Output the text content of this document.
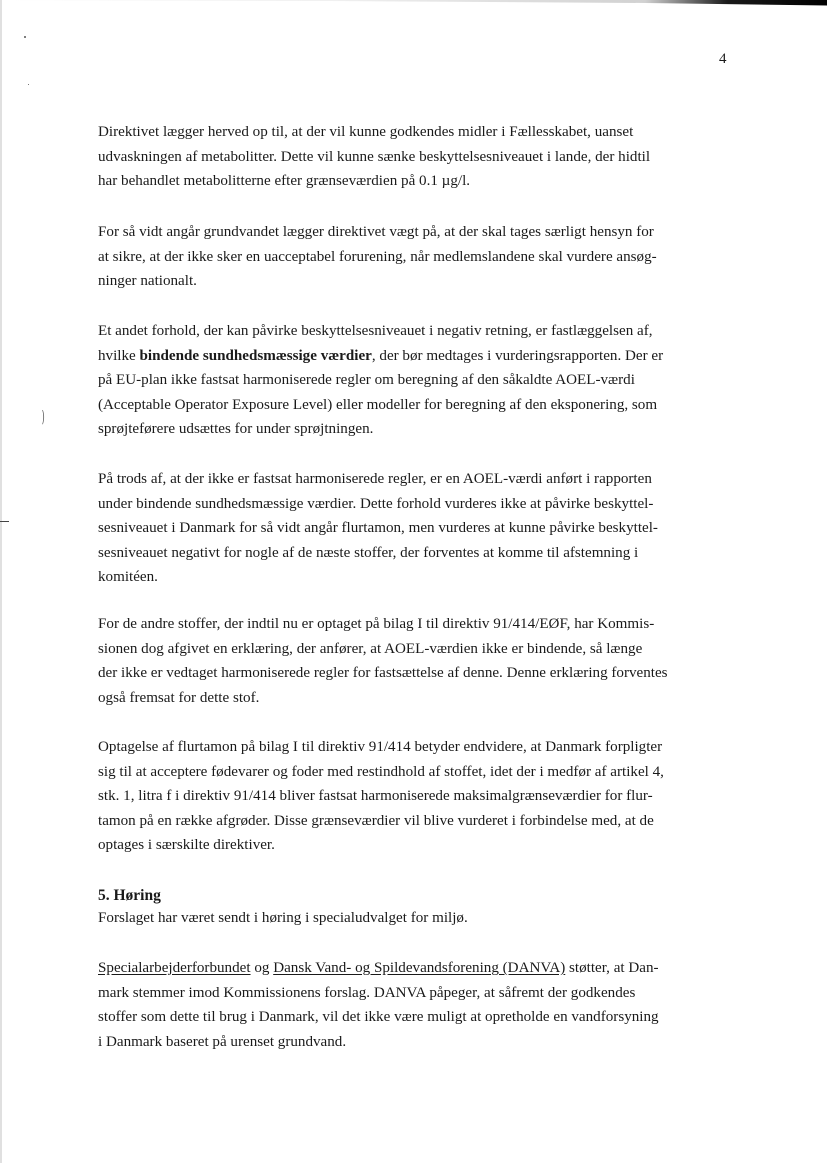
)
4

Direktivet lægger herved op til, at der vil kunne godkendes midler i Fællesskabet, uanset
udvaskningen af metabolitter. Dette vil kunne sænke beskyttelsesniveauet i lande, der hidtil
har behandlet metabolitterne efter grænseværdien på 0.1 µg/l.

For så vidt angår grundvandet lægger direktivet vægt på, at der skal tages særligt hensyn for
at sikre, at der ikke sker en uacceptabel forurening, når medlemslandene skal vurdere ansøg-
ninger nationalt.

Et andet forhold, der kan påvirke beskyttelsesniveauet i negativ retning, er fastlæggelsen af,
hvilke bindende sundhedsmæssige værdier, der bør medtages i vurderingsrapporten. Der er
på EU-plan ikke fastsat harmoniserede regler om beregning af den såkaldte AOEL-værdi
(Acceptable Operator Exposure Level) eller modeller for beregning af den eksponering, som
sprøjteførere udsættes for under sprøjtningen.

På trods af, at der ikke er fastsat harmoniserede regler, er en AOEL-værdi anført i rapporten
under bindende sundhedsmæssige værdier. Dette forhold vurderes ikke at påvirke beskyttel-
sesniveauet i Danmark for så vidt angår flurtamon, men vurderes at kunne påvirke beskyttel-
sesniveauet negativt for nogle af de næste stoffer, der forventes at komme til afstemning i
komitéen.

For de andre stoffer, der indtil nu er optaget på bilag I til direktiv 91/414/EØF, har Kommis-
sionen dog afgivet en erklæring, der anfører, at AOEL-værdien ikke er bindende, så længe
der ikke er vedtaget harmoniserede regler for fastsættelse af denne. Denne erklæring forventes
også fremsat for dette stof.

Optagelse af flurtamon på bilag I til direktiv 91/414 betyder endvidere, at Danmark forpligter
sig til at acceptere fødevarer og foder med restindhold af stoffet, idet der i medfør af artikel 4,
stk. 1, litra f i direktiv 91/414 bliver fastsat harmoniserede maksimalgrænseværdier for flur-
tamon på en række afgrøder. Disse grænseværdier vil blive vurderet i forbindelse med, at de
optages i særskilte direktiver.

5. Høring

Forslaget har været sendt i høring i specialudvalget for miljø.

Specialarbejderforbundet og Dansk Vand- og Spildevandsforening (DANVA) støtter, at Dan-
mark stemmer imod Kommissionens forslag. DANVA påpeger, at såfremt der godkendes
stoffer som dette til brug i Danmark, vil det ikke være muligt at opretholde en vandforsyning
i Danmark baseret på urenset grundvand.
